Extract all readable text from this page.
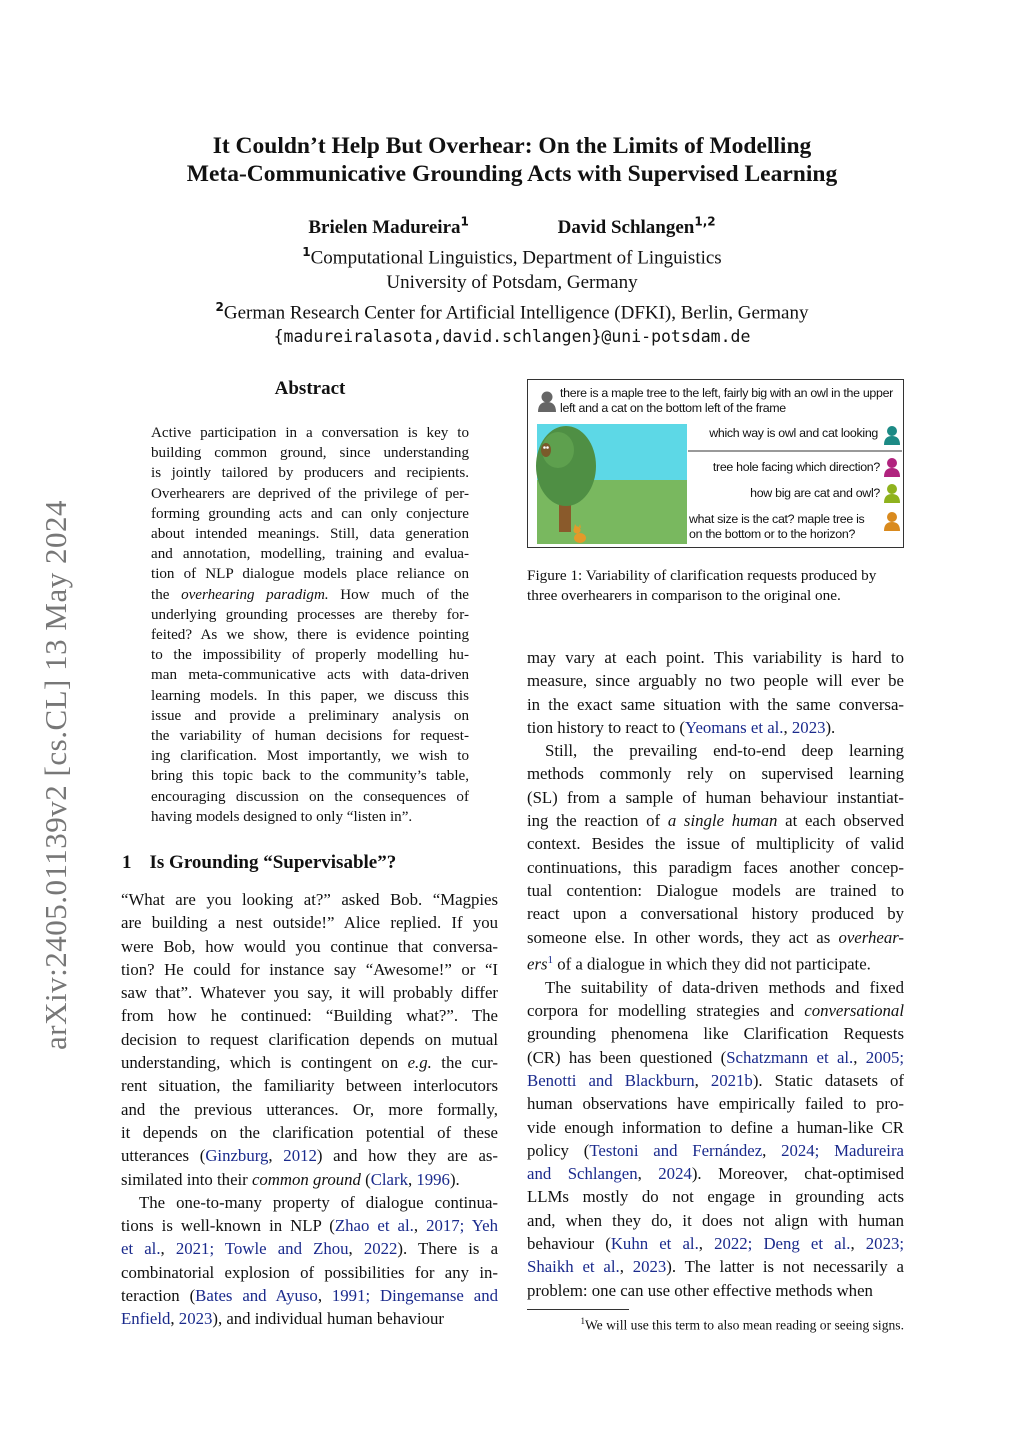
It Couldn’t Help But Overhear: On the Limits of Modelling
Meta-Communicative Grounding Acts with Supervised Learning
Brielen Madureira$^1$	David Schlangen$^{1,2}$
$^1$Computational Linguistics, Department of Linguistics
University of Potsdam, Germany
$^2$German Research Center for Artificial Intelligence (DFKI), Berlin, Germany
{madureiralasota,david.schlangen}@uni-potsdam.de
arXiv:2405.01139v2 [cs.CL] 13 May 2024
Abstract
Active participation in a conversation is key to
building common ground, since understanding
is jointly tailored by producers and recipients.
Overhearers are deprived of the privilege of per-
forming grounding acts and can only conjecture
about intended meanings. Still, data generation
and annotation, modelling, training and evalua-
tion of NLP dialogue models place reliance on
the overhearing paradigm. How much of the
underlying grounding processes are thereby for-
feited? As we show, there is evidence pointing
to the impossibility of properly modelling hu-
man meta-communicative acts with data-driven
learning models. In this paper, we discuss this
issue and provide a preliminary analysis on
the variability of human decisions for request-
ing clarification. Most importantly, we wish to
bring this topic back to the community’s table,
encouraging discussion on the consequences of
having models designed to only “listen in”.
1 Is Grounding “Supervisable”?
“What are you looking at?” asked Bob. “Magpies
are building a nest outside!” Alice replied. If you
were Bob, how would you continue that conversa-
tion? He could for instance say “Awesome!” or “I
saw that”. Whatever you say, it will probably differ
from how he continued: “Building what?”. The
decision to request clarification depends on mutual
understanding, which is contingent on e.g. the cur-
rent situation, the familiarity between interlocutors
and the previous utterances. Or, more formally,
it depends on the clarification potential of these
utterances (Ginzburg, 2012) and how they are as-
similated into their common ground (Clark, 1996).
The one-to-many property of dialogue continua-
tions is well-known in NLP (Zhao et al., 2017; Yeh
et al., 2021; Towle and Zhou, 2022). There is a
combinatorial explosion of possibilities for any in-
teraction (Bates and Ayuso, 1991; Dingemanse and
Enfield, 2023), and individual human behaviour
there is a maple tree to the left, fairly big with an owl in the upper left and a cat on the bottom left of the frame
which way is owl and cat looking
tree hole facing which direction?
how big are cat and owl?
what size is the cat? maple tree is on the bottom or to the horizon?
Figure 1: Variability of clarification requests produced by three overhearers in comparison to the original one.
may vary at each point. This variability is hard to
measure, since arguably no two people will ever be
in the exact same situation with the same conversa-
tion history to react to (Yeomans et al., 2023).
Still, the prevailing end-to-end deep learning
methods commonly rely on supervised learning
(SL) from a sample of human behaviour instantiat-
ing the reaction of a single human at each observed
context. Besides the issue of multiplicity of valid
continuations, this paradigm faces another concep-
tual contention: Dialogue models are trained to
react upon a conversational history produced by
someone else. In other words, they act as overhear-
ers$^1$ of a dialogue in which they did not participate.
The suitability of data-driven methods and fixed
corpora for modelling strategies and conversational
grounding phenomena like Clarification Requests
(CR) has been questioned (Schatzmann et al., 2005;
Benotti and Blackburn, 2021b). Static datasets of
human observations have empirically failed to pro-
vide enough information to define a human-like CR
policy (Testoni and Fernández, 2024; Madureira
and Schlangen, 2024). Moreover, chat-optimised
LLMs mostly do not engage in grounding acts
and, when they do, it does not align with human
behaviour (Kuhn et al., 2022; Deng et al., 2023;
Shaikh et al., 2023). The latter is not necessarily a
problem: one can use other effective methods when
$^1$We will use this term to also mean reading or seeing signs.
